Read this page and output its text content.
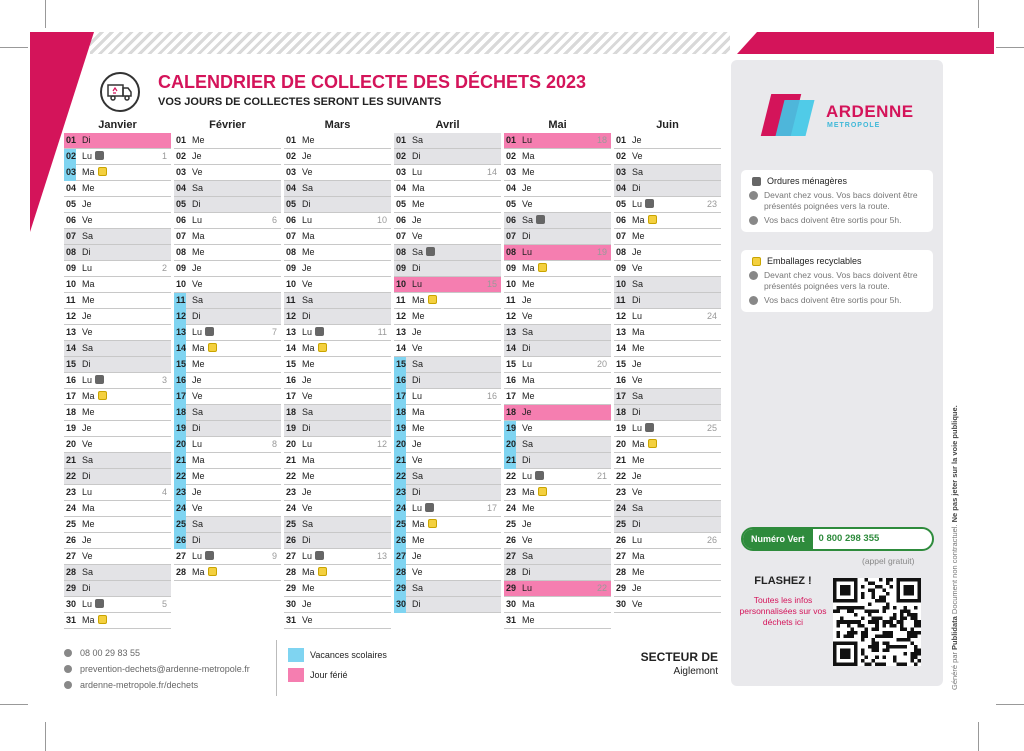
CALENDRIER DE COLLECTE DES DÉCHETS 2023
VOS JOURS DE COLLECTES SERONT LES SUIVANTS
Janvier
01 Di
02 Lu	1
03 Ma
04 Me
05 Je
06 Ve
07 Sa
08 Di
09 Lu	2
10 Ma
11 Me
12 Je
13 Ve
14 Sa
15 Di
16 Lu	3
17 Ma
18 Me
19 Je
20 Ve
21 Sa
22 Di
23 Lu	4
24 Ma
25 Me
26 Je
27 Ve
28 Sa
29 Di
30 Lu	5
31 Ma
Février
01 Me
02 Je
03 Ve
04 Sa
05 Di
06 Lu	6
07 Ma
08 Me
09 Je
10 Ve
11 Sa
12 Di
13 Lu	7
14 Ma
15 Me
16 Je
17 Ve
18 Sa
19 Di
20 Lu	8
21 Ma
22 Me
23 Je
24 Ve
25 Sa
26 Di
27 Lu	9
28 Ma
Mars
01 Me
02 Je
03 Ve
04 Sa
05 Di
06 Lu	10
07 Ma
08 Me
09 Je
10 Ve
11 Sa
12 Di
13 Lu	11
14 Ma
15 Me
16 Je
17 Ve
18 Sa
19 Di
20 Lu	12
21 Ma
22 Me
23 Je
24 Ve
25 Sa
26 Di
27 Lu	13
28 Ma
29 Me
30 Je
31 Ve
Avril
01 Sa
02 Di
03 Lu	14
04 Ma
05 Me
06 Je
07 Ve
08 Sa
09 Di
10 Lu	15
11 Ma
12 Me
13 Je
14 Ve
15 Sa
16 Di
17 Lu	16
18 Ma
19 Me
20 Je
21 Ve
22 Sa
23 Di
24 Lu	17
25 Ma
26 Me
27 Je
28 Ve
29 Sa
30 Di
Mai
01 Lu	18
02 Ma
03 Me
04 Je
05 Ve
06 Sa
07 Di
08 Lu	19
09 Ma
10 Me
11 Je
12 Ve
13 Sa
14 Di
15 Lu	20
16 Ma
17 Me
18 Je
19 Ve
20 Sa
21 Di
22 Lu	21
23 Ma
24 Me
25 Je
26 Ve
27 Sa
28 Di
29 Lu	22
30 Ma
31 Me
Juin
01 Je
02 Ve
03 Sa
04 Di
05 Lu	23
06 Ma
07 Me
08 Je
09 Ve
10 Sa
11 Di
12 Lu	24
13 Ma
14 Me
15 Je
16 Ve
17 Sa
18 Di
19 Lu	25
20 Ma
21 Me
22 Je
23 Ve
24 Sa
25 Di
26 Lu	26
27 Ma
28 Me
29 Je
30 Ve
ARDENNE
METROPOLE
Ordures ménagères
Devant chez vous. Vos bacs doivent être présentés poignées vers la route.
Vos bacs doivent être sortis pour 5h.
Emballages recyclables
Devant chez vous. Vos bacs doivent être présentés poignées vers la route.
Vos bacs doivent être sortis pour 5h.
Numéro Vert	0 800 298 355
(appel gratuit)
FLASHEZ !
Toutes les infos personnalisées sur vos déchets ici
Généré par Publidata Document non contractuel. Ne pas jeter sur la voie publique.
08 00 29 83 55
prevention-dechets@ardenne-metropole.fr
ardenne-metropole.fr/dechets
Vacances scolaires
Jour férié
SECTEUR DE
Aiglemont
